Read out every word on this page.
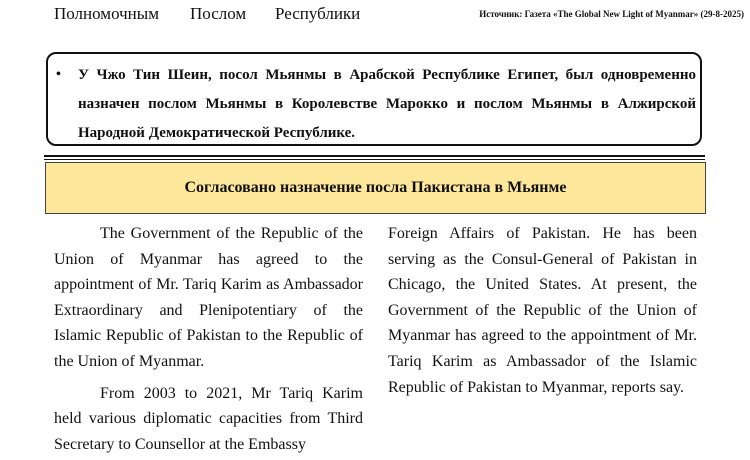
Полномочным Послом Республики	Источник: Газета «The Global New Light of Myanmar» (29-8-2025)
• У Чжо Тин Шеин, посол Мьянмы в Арабской Республике Египет, был одновременно назначен послом Мьянмы в Королевстве Марокко и послом Мьянмы в Алжирской Народной Демократической Республике.
Согласовано назначение посла Пакистана в Мьянме

The Government of the Republic of the Union of Myanmar has agreed to the appointment of Mr. Tariq Karim as Ambassador Extraordinary and Plenipotentiary of the Islamic Republic of Pakistan to the Republic of the Union of Myanmar.

From 2003 to 2021, Mr Tariq Karim held various diplomatic capacities from Third Secretary to Counsellor at the Embassy

Foreign Affairs of Pakistan. He has been serving as the Consul-General of Pakistan in Chicago, the United States. At present, the Government of the Republic of the Union of Myanmar has agreed to the appointment of Mr. Tariq Karim as Ambassador of the Islamic Republic of Pakistan to Myanmar, reports say.
